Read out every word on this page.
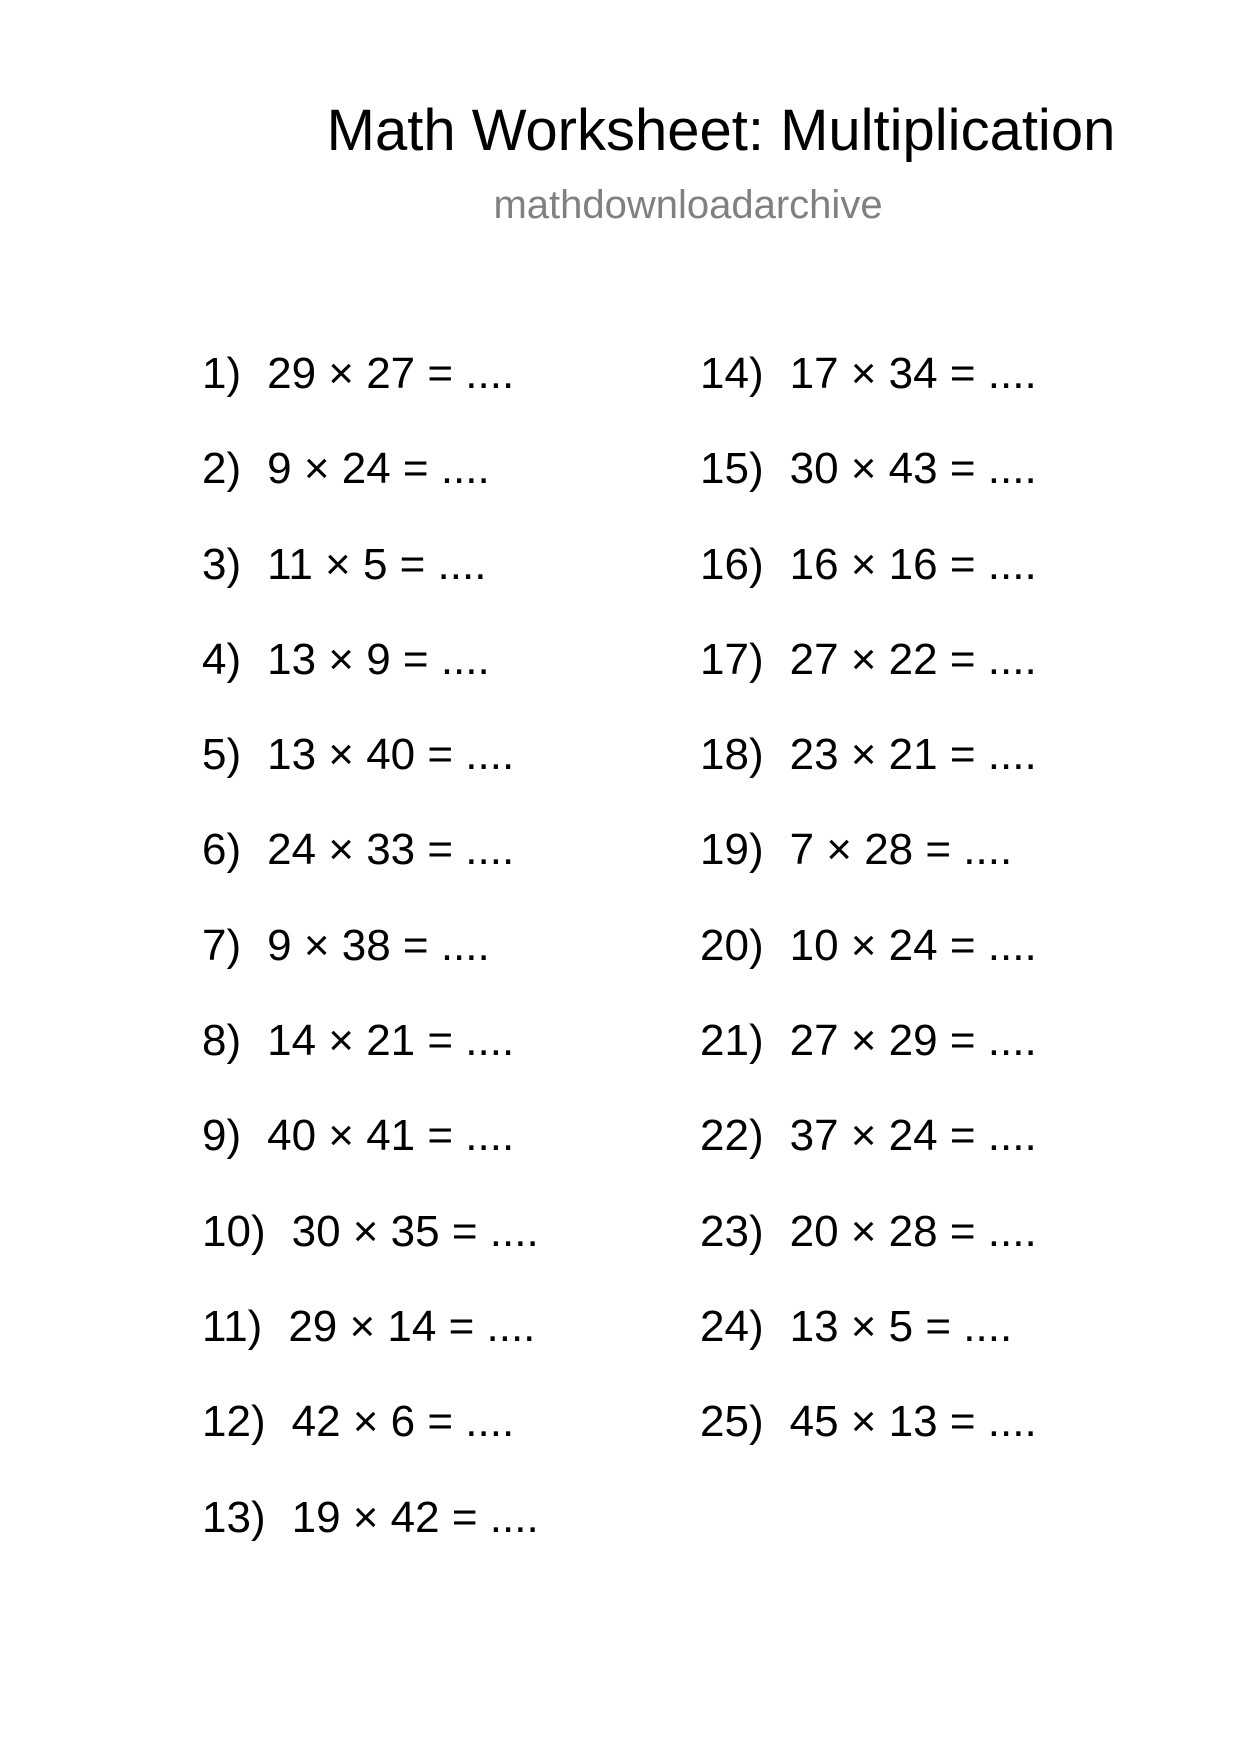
Math Worksheet: Multiplication
mathdownloadarchive
1) 29 × 27 = ....
2) 9 × 24 = ....
3) 11 × 5 = ....
4) 13 × 9 = ....
5) 13 × 40 = ....
6) 24 × 33 = ....
7) 9 × 38 = ....
8) 14 × 21 = ....
9) 40 × 41 = ....
10) 30 × 35 = ....
11) 29 × 14 = ....
12) 42 × 6 = ....
13) 19 × 42 = ....
14) 17 × 34 = ....
15) 30 × 43 = ....
16) 16 × 16 = ....
17) 27 × 22 = ....
18) 23 × 21 = ....
19) 7 × 28 = ....
20) 10 × 24 = ....
21) 27 × 29 = ....
22) 37 × 24 = ....
23) 20 × 28 = ....
24) 13 × 5 = ....
25) 45 × 13 = ....
